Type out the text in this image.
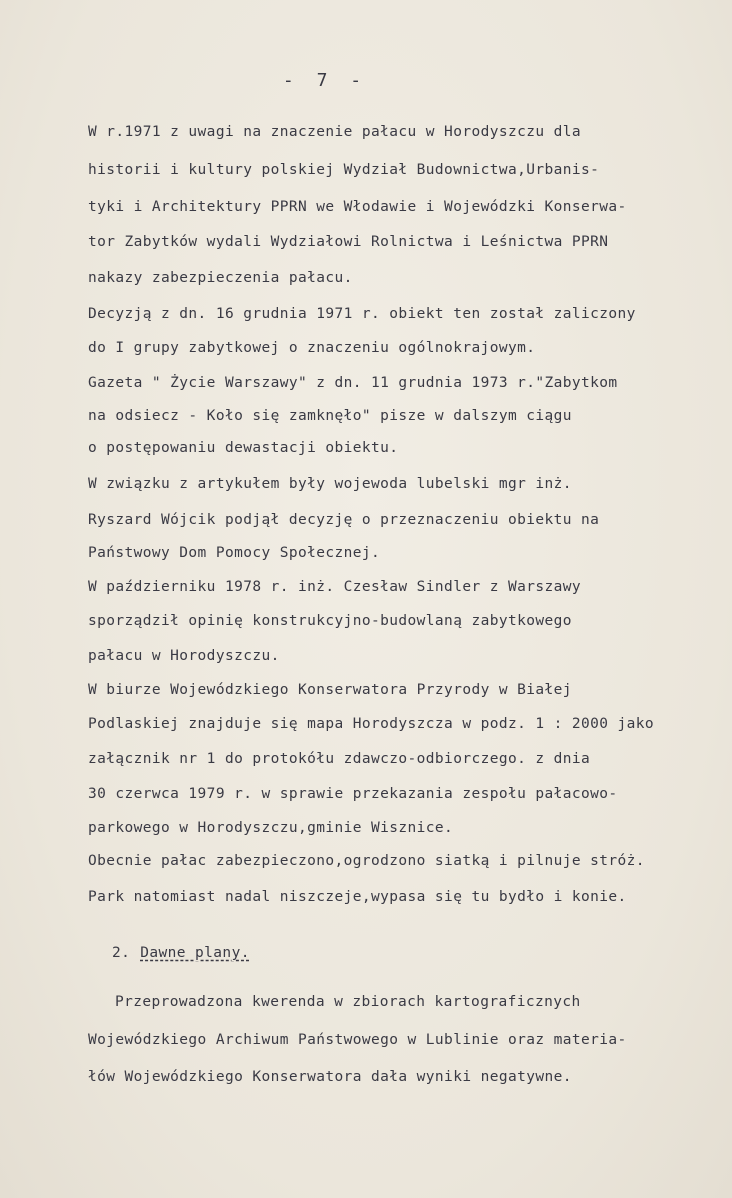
- 7 -
W r.1971 z uwagi na znaczenie pałacu w Horodyszczu dla
historii i kultury polskiej Wydział Budownictwa,Urbanis-
tyki i Architektury PPRN we Włodawie i Wojewódzki Konserwa-
tor Zabytków wydali Wydziałowi Rolnictwa i Leśnictwa PPRN
nakazy zabezpieczenia pałacu.
Decyzją z dn. 16 grudnia 1971 r. obiekt ten został zaliczony
do I grupy zabytkowej o znaczeniu ogólnokrajowym.
Gazeta " Życie Warszawy" z dn. 11 grudnia 1973 r."Zabytkom
na odsiecz - Koło się zamknęło" pisze w dalszym ciągu
o postępowaniu dewastacji obiektu.
W związku z artykułem były wojewoda lubelski mgr inż.
Ryszard Wójcik podjął decyzję o przeznaczeniu obiektu na
Państwowy Dom Pomocy Społecznej.
W październiku 1978 r. inż. Czesław Sindler z Warszawy
sporządził opinię konstrukcyjno-budowlaną zabytkowego
pałacu w Horodyszczu.
W biurze Wojewódzkiego Konserwatora Przyrody w Białej
Podlaskiej znajduje się mapa Horodyszcza w podz. 1 : 2000 jako
załącznik nr 1 do protokółu zdawczo-odbiorczego. z dnia
30 czerwca 1979 r. w sprawie przekazania zespołu pałacowo-
parkowego w Horodyszczu,gminie Wisznice.
Obecnie pałac zabezpieczono,ogrodzono siatką i pilnuje stróż.
Park natomiast nadal niszczeje,wypasa się tu bydło i konie.
2. Dawne plany.
Przeprowadzona kwerenda w zbiorach kartograficznych
Wojewódzkiego Archiwum Państwowego w Lublinie oraz materia-
łów Wojewódzkiego Konserwatora dała wyniki negatywne.
